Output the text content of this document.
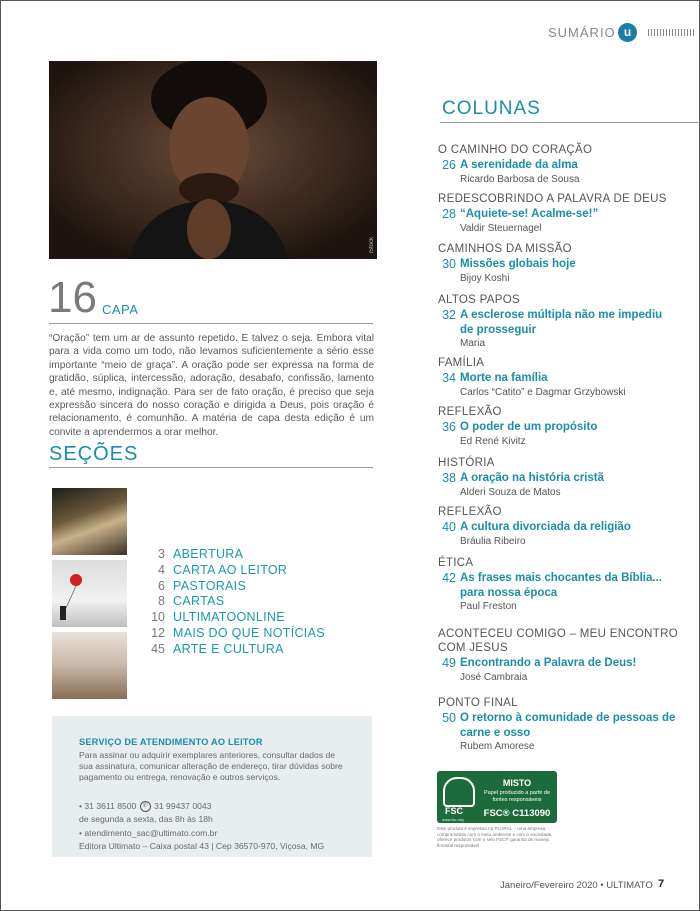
SUMÁRIO u
iStock
16 CAPA

“Oração” tem um ar de assunto repetido. E talvez o seja. Embora vital para a vida como um todo, não levamos suficientemente a sério esse importante “meio de graça”. A oração pode ser expressa na forma de gratidão, súplica, intercessão, adoração, desabafo, confissão, lamento e, até mesmo, indignação. Para ser de fato oração, é preciso que seja expressão sincera do nosso coração e dirigida a Deus, pois oração é relacionamento, é comunhão. A matéria de capa desta edição é um convite a aprendermos a orar melhor.

SEÇÕES
3 ABERTURA
4 CARTA AO LEITOR
6 PASTORAIS
8 CARTAS
10 ULTIMATOONLINE
12 MAIS DO QUE NOTÍCIAS
45 ARTE E CULTURA
SERVIÇO DE ATENDIMENTO AO LEITOR

Para assinar ou adquirir exemplares anteriores, consultar dados de sua assinatura, comunicar alteração de endereço, tirar dúvidas sobre pagamento ou entrega, renovação e outros serviços.

• 31 3611 8500 ✆ 31 99437 0043
de segunda a sexta, das 8h às 18h
• atendimento_sac@ultimato.com.br
Editora Ultimato – Caixa postal 43 | Cep 36570-970, Viçosa, MG
COLUNAS
O CAMINHO DO CORAÇÃO
26 A serenidade da alma
Ricardo Barbosa de Sousa
REDESCOBRINDO A PALAVRA DE DEUS
28 “Aquiete-se! Acalme-se!”
Valdir Steuernagel
CAMINHOS DA MISSÃO
30 Missões globais hoje
Bijoy Koshi
ALTOS PAPOS
32 A esclerose múltipla não me impediu de prosseguir
Maria
FAMÍLIA
34 Morte na família
Carlos “Catito” e Dagmar Grzybowski
REFLEXÃO
36 O poder de um propósito
Ed René Kivitz
HISTÓRIA
38 A oração na história cristã
Alderi Souza de Matos
REFLEXÃO
40 A cultura divorciada da religião
Bráulia Ribeiro
ÉTICA
42 As frases mais chocantes da Bíblia... para nossa época
Paul Freston
ACONTECEU COMIGO – MEU ENCONTRO COM JESUS
49 Encontrando a Palavra de Deus!
José Cambraia
PONTO FINAL
50 O retorno à comunidade de pessoas de carne e osso
Rubem Amorese
FSC
www.fsc.org
MISTO

Papel produzido a partir de fontes responsáveis

FSC® C113090

Este produto é impresso na PLURAL – uma empresa comprometida com o meio ambiente e com a sociedade, oferece produtos com o selo FSC® garantia de manejo florestal responsável

Janeiro/Fevereiro 2020 • ULTIMATO 7
